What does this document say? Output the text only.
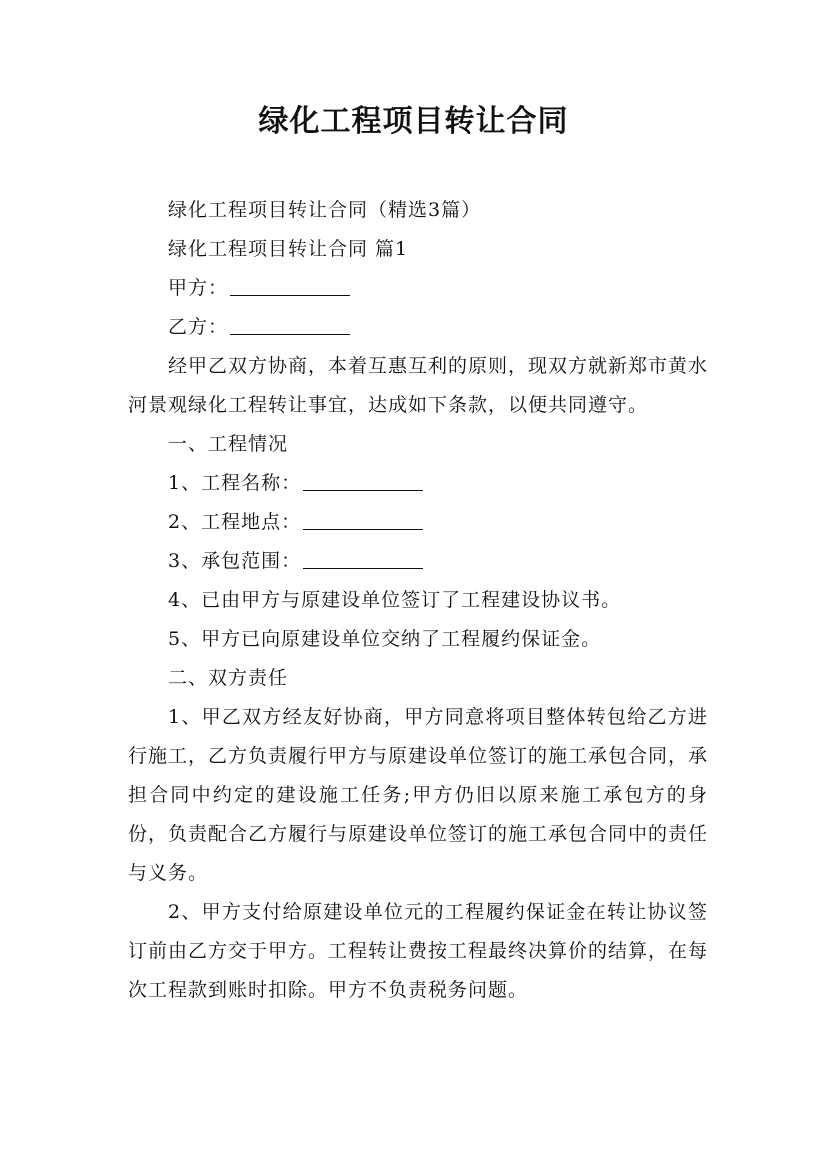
绿化工程项目转让合同

绿化工程项目转让合同（精选3篇）

绿化工程项目转让合同 篇1

甲方：

乙方：

经甲乙双方协商，本着互惠互利的原则，现双方就新郑市黄水河景观绿化工程转让事宜，达成如下条款，以便共同遵守。

一、工程情况

1、工程名称：

2、工程地点：

3、承包范围：

4、已由甲方与原建设单位签订了工程建设协议书。

5、甲方已向原建设单位交纳了工程履约保证金。

二、双方责任

1、甲乙双方经友好协商，甲方同意将项目整体转包给乙方进行施工，乙方负责履行甲方与原建设单位签订的施工承包合同，承担合同中约定的建设施工任务;甲方仍旧以原来施工承包方的身份，负责配合乙方履行与原建设单位签订的施工承包合同中的责任与义务。

2、甲方支付给原建设单位元的工程履约保证金在转让协议签订前由乙方交于甲方。工程转让费按工程最终决算价的结算，在每次工程款到账时扣除。甲方不负责税务问题。
